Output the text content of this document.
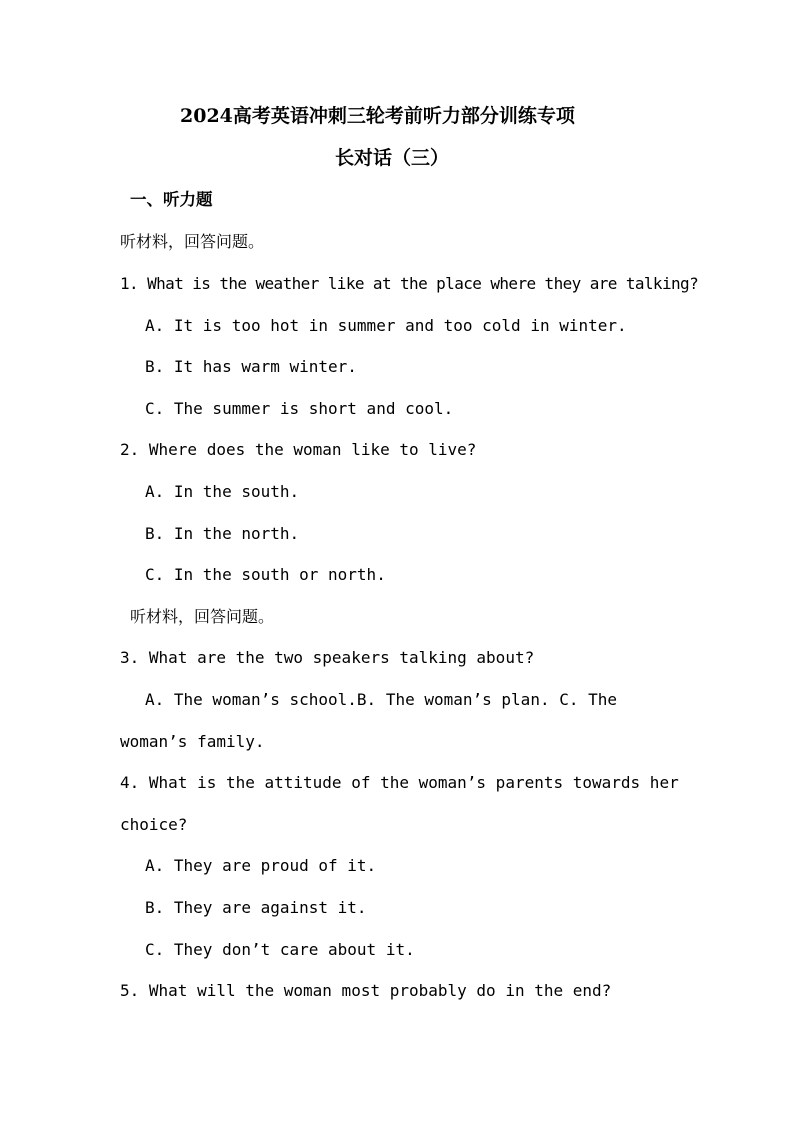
2024高考英语冲刺三轮考前听力部分训练专项
长对话（三）
一、听力题
听材料，回答问题。
1. What is the weather like at the place where they are talking?
A. It is too hot in summer and too cold in winter.
B. It has warm winter.
C. The summer is short and cool.
2. Where does the woman like to live?
A. In the south.
B. In the north.
C. In the south or north.
听材料，回答问题。
3. What are the two speakers talking about?
A. The woman’s school.B. The woman’s plan. C. The
woman’s family.
4. What is the attitude of the woman’s parents towards her
choice?
A. They are proud of it.
B. They are against it.
C. They don’t care about it.
5. What will the woman most probably do in the end?
